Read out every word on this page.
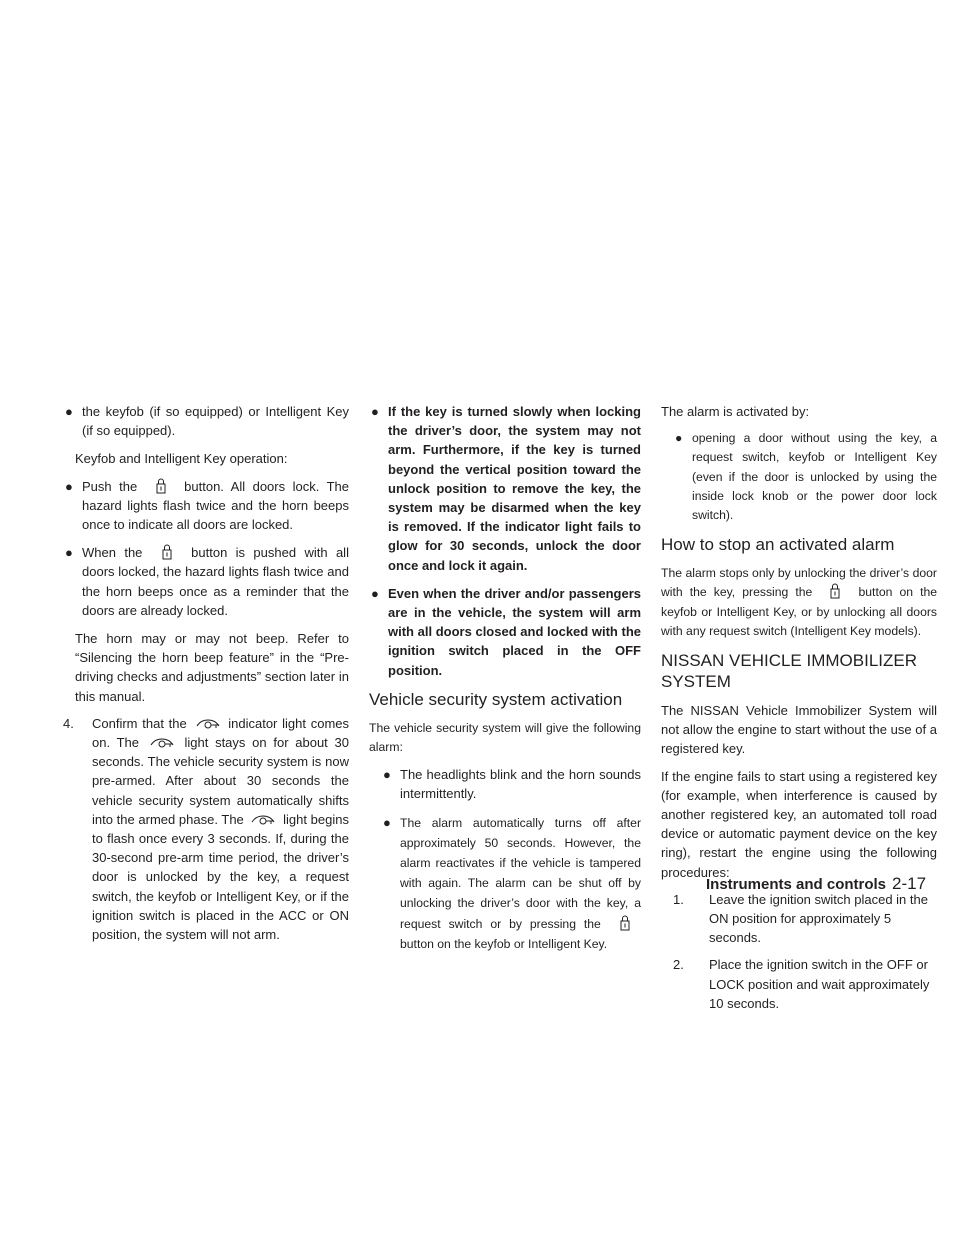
● the keyfob (if so equipped) or Intelligent Key (if so equipped).

Keyfob and Intelligent Key operation:

● Push the	button. All doors lock. The hazard lights flash twice and the horn beeps once to indicate all doors are locked.
● When the	button is pushed with all doors locked, the hazard lights flash twice and the horn beeps once as a reminder that the doors are already locked.

The horn may or may not beep. Refer to “Silencing the horn beep feature” in the “Pre-driving checks and adjustments” section later in this manual.

4. Confirm that the	indicator light comes on. The	light stays on for about 30 seconds. The vehicle security system is now pre-armed. After about 30 seconds the vehicle security system automatically shifts into the armed phase. The	light begins to flash once every 3 seconds. If, during the 30-second pre-arm time period, the driver’s door is unlocked by the key, a request switch, the keyfob or Intelligent Key, or if the ignition switch is placed in the ACC or ON position, the system will not arm.
● If the key is turned slowly when locking the driver’s door, the system may not arm. Furthermore, if the key is turned beyond the vertical position toward the unlock position to remove the key, the system may be disarmed when the key is removed. If the indicator light fails to glow for 30 seconds, unlock the door once and lock it again.
● Even when the driver and/or passengers are in the vehicle, the system will arm with all doors closed and locked with the ignition switch placed in the OFF position.
Vehicle security system activation

The vehicle security system will give the following alarm:

● The headlights blink and the horn sounds intermittently.
● The alarm automatically turns off after approximately 50 seconds. However, the alarm reactivates if the vehicle is tampered with again. The alarm can be shut off by unlocking the driver’s door with the key, a request switch or by pressing the
button on the keyfob or Intelligent Key.

The alarm is activated by:

● opening a door without using the key, a request switch, keyfob or Intelligent Key (even if the door is unlocked by using the inside lock knob or the power door lock switch).
How to stop an activated alarm

The alarm stops only by unlocking the driver’s door with the key, pressing the	button on the keyfob or Intelligent Key, or by unlocking all doors with any request switch (Intelligent Key models).

NISSAN VEHICLE IMMOBILIZER SYSTEM

The NISSAN Vehicle Immobilizer System will not allow the engine to start without the use of a registered key.

If the engine fails to start using a registered key (for example, when interference is caused by another registered key, an automated toll road device or automatic payment device on the key ring), restart the engine using the following procedures:

1. Leave the ignition switch placed in the ON position for approximately 5 seconds.
2. Place the ignition switch in the OFF or LOCK position and wait approximately 10 seconds.
Instruments and controls 2-17
